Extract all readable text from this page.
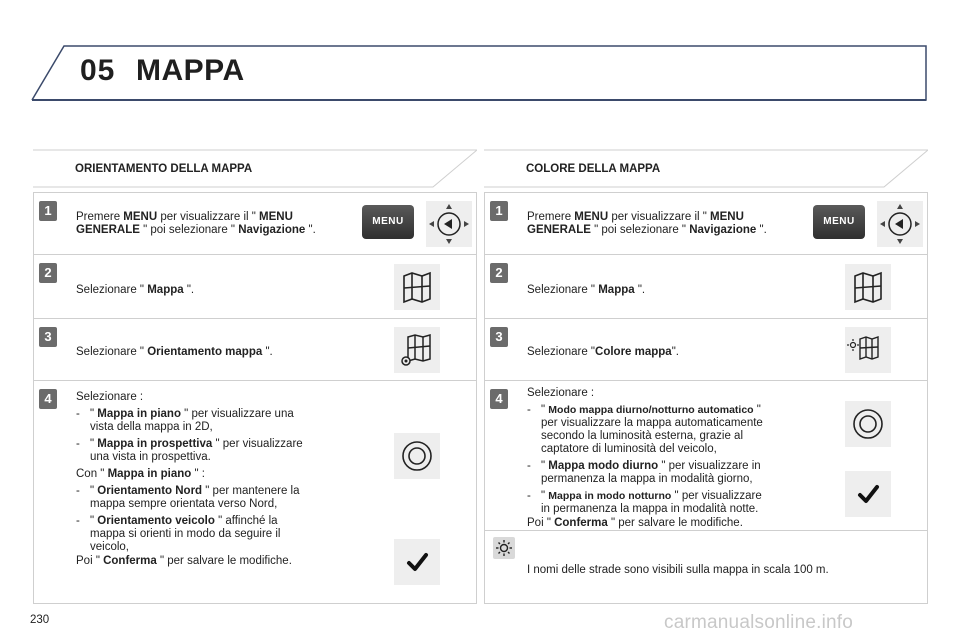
05 MAPPA
ORIENTAMENTO DELLA MAPPA
1	Premere MENU per visualizzare il " MENU
GENERALE " poi selezionare " Navigazione ".
MENU
2
Selezionare " Mappa ".
3
Selezionare " Orientamento mappa ".
4	Selezionare :
- " Mappa in piano " per visualizzare una
vista della mappa in 2D,
- " Mappa in prospettiva " per visualizzare
una vista in prospettiva.
Con " Mappa in piano " :
- " Orientamento Nord " per mantenere la
mappa sempre orientata verso Nord,
- " Orientamento veicolo " affinché la
mappa si orienti in modo da seguire il
veicolo,
Poi " Conferma " per salvare le modifiche.
COLORE DELLA MAPPA
1	Premere MENU per visualizzare il " MENU
GENERALE " poi selezionare " Navigazione ".
MENU
2
Selezionare " Mappa ".
3
Selezionare "Colore mappa".
4	Selezionare :
- " Modo mappa diurno/notturno automatico "
per visualizzare la mappa automaticamente
secondo la luminosità esterna, grazie al
captatore di luminosità del veicolo,
- " Mappa modo diurno " per visualizzare in
permanenza la mappa in modalità giorno,
- " Mappa in modo notturno " per visualizzare
in permanenza la mappa in modalità notte.
Poi " Conferma " per salvare le modifiche.
I nomi delle strade sono visibili sulla mappa in scala 100 m.
230	carmanualsonline.info
